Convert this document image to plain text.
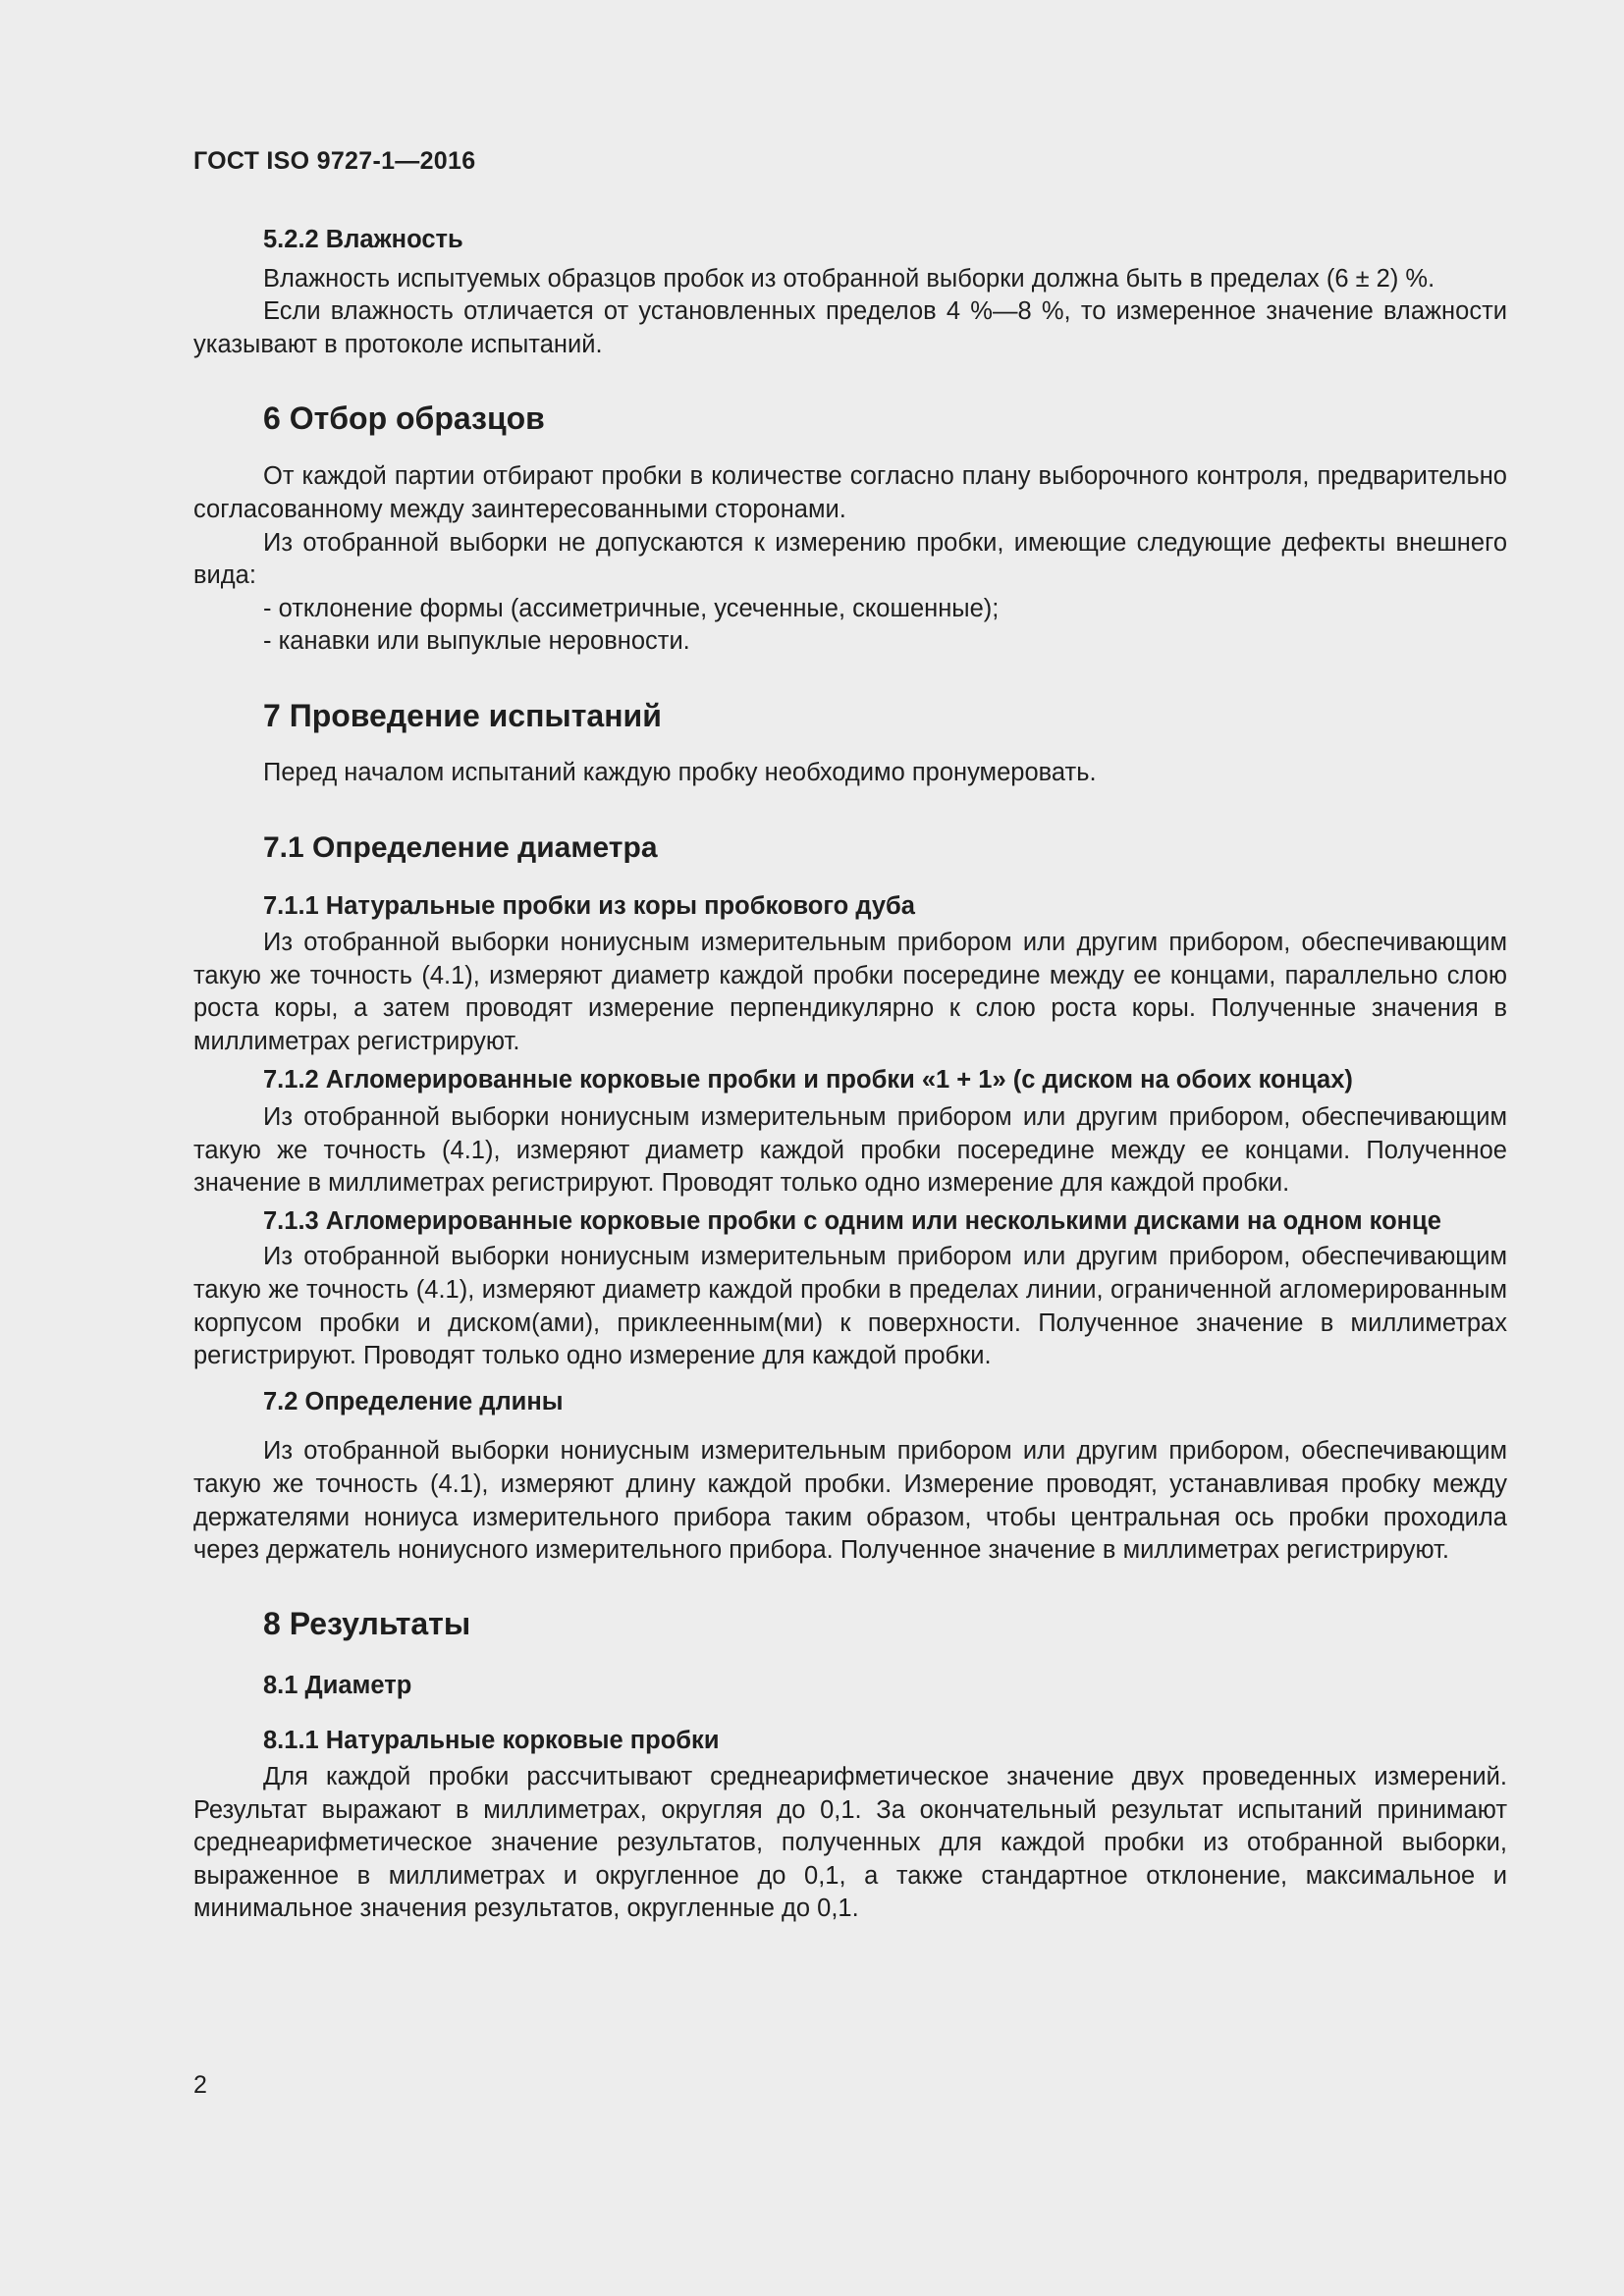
ГОСТ ISO 9727-1—2016
5.2.2 Влажность

Влажность испытуемых образцов пробок из отобранной выборки должна быть в пределах (6 ± 2) %.

Если влажность отличается от установленных пределов 4 %—8 %, то измеренное значение влажности указывают в протоколе испытаний.

6 Отбор образцов

От каждой партии отбирают пробки в количестве согласно плану выборочного контроля, предварительно согласованному между заинтересованными сторонами.

Из отобранной выборки не допускаются к измерению пробки, имеющие следующие дефекты внешнего вида:

- отклонение формы (ассиметричные, усеченные, скошенные);
- канавки или выпуклые неровности.
7 Проведение испытаний

Перед началом испытаний каждую пробку необходимо пронумеровать.

7.1 Определение диаметра
7.1.1 Натуральные пробки из коры пробкового дуба

Из отобранной выборки нониусным измерительным прибором или другим прибором, обеспечивающим такую же точность (4.1), измеряют диаметр каждой пробки посередине между ее концами, параллельно слою роста коры, а затем проводят измерение перпендикулярно к слою роста коры. Полученные значения в миллиметрах регистрируют.

7.1.2 Агломерированные корковые пробки и пробки «1 + 1» (с диском на обоих концах)

Из отобранной выборки нониусным измерительным прибором или другим прибором, обеспечивающим такую же точность (4.1), измеряют диаметр каждой пробки посередине между ее концами. Полученное значение в миллиметрах регистрируют. Проводят только одно измерение для каждой пробки.

7.1.3 Агломерированные корковые пробки с одним или несколькими дисками на одном конце

Из отобранной выборки нониусным измерительным прибором или другим прибором, обеспечивающим такую же точность (4.1), измеряют диаметр каждой пробки в пределах линии, ограниченной агломерированным корпусом пробки и диском(ами), приклеенным(ми) к поверхности. Полученное значение в миллиметрах регистрируют. Проводят только одно измерение для каждой пробки.

7.2 Определение длины

Из отобранной выборки нониусным измерительным прибором или другим прибором, обеспечивающим такую же точность (4.1), измеряют длину каждой пробки. Измерение проводят, устанавливая пробку между держателями нониуса измерительного прибора таким образом, чтобы центральная ось пробки проходила через держатель нониусного измерительного прибора. Полученное значение в миллиметрах регистрируют.

8 Результаты
8.1 Диаметр
8.1.1 Натуральные корковые пробки

Для каждой пробки рассчитывают среднеарифметическое значение двух проведенных измерений. Результат выражают в миллиметрах, округляя до 0,1. За окончательный результат испытаний принимают среднеарифметическое значение результатов, полученных для каждой пробки из отобранной выборки, выраженное в миллиметрах и округленное до 0,1, а также стандартное отклонение, максимальное и минимальное значения результатов, округленные до 0,1.

2
